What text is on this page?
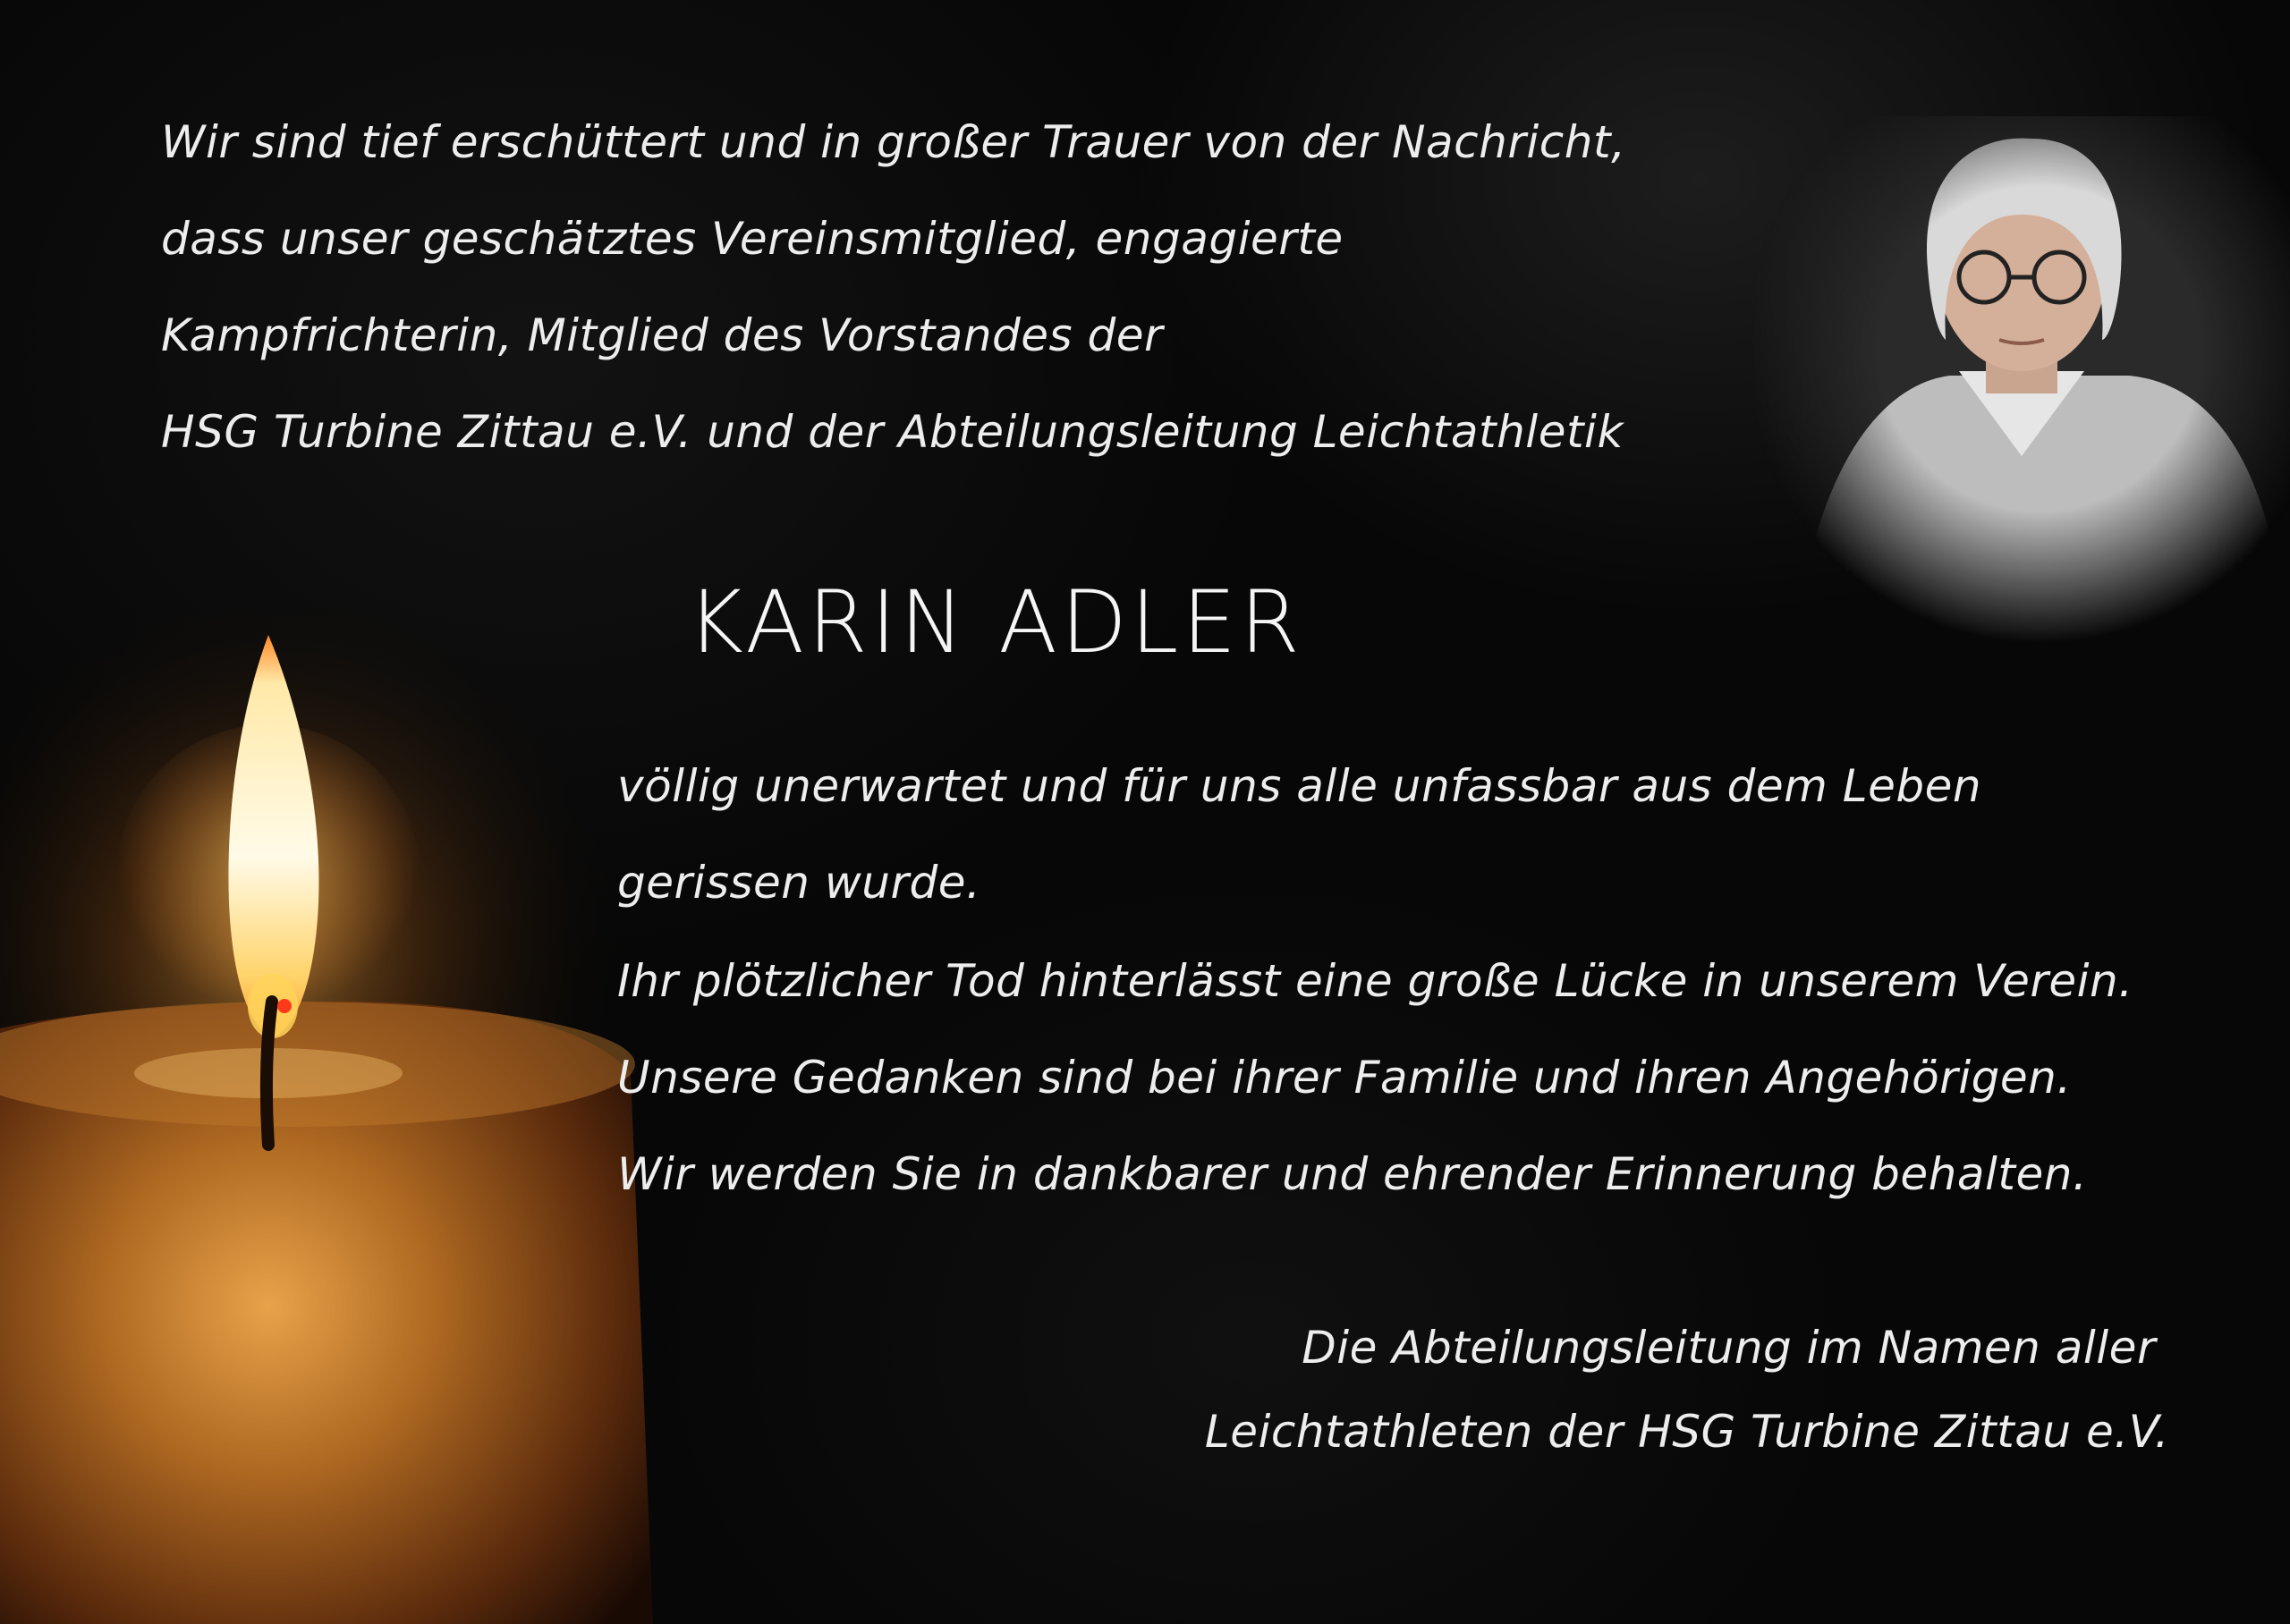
Wir sind tief erschüttert und in großer Trauer von der Nachricht,

dass unser geschätztes Vereinsmitglied, engagierte

Kampfrichterin, Mitglied des Vorstandes der

HSG Turbine Zittau e.V. und der Abteilungsleitung Leichtathletik

KARIN ADLER

völlig unerwartet und für uns alle unfassbar aus dem Leben

gerissen wurde.

Ihr plötzlicher Tod hinterlässt eine große Lücke in unserem Verein.

Unsere Gedanken sind bei ihrer Familie und ihren Angehörigen.

Wir werden Sie in dankbarer und ehrender Erinnerung behalten.

Die Abteilungsleitung im Namen aller

Leichtathleten der HSG Turbine Zittau e.V.
